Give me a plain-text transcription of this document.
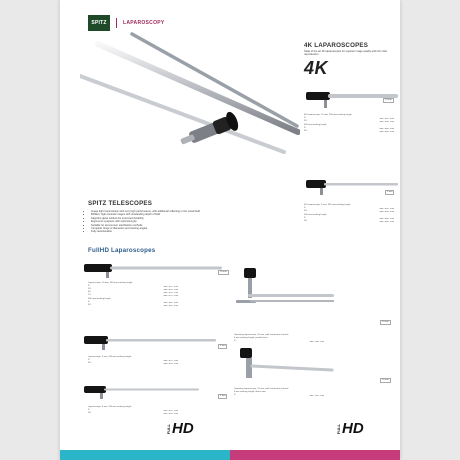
SPITZ	LAPAROSCOPY
4K LAPAROSCOPES
State of the art 4K laparoscopes for superior image quality and rich color reproduction.
4K
10 mm
4K Laparoscope, 10 mm, 330 mm working length
0°	008.010.400
30°	008.030.400
450 mm working length
0°	008.050.400
30°	008.060.400
5 mm
4K Laparoscope, 5 mm, 330 mm working length
0°	005.010.400
30°	005.030.400
450 mm working length
0°	005.050.400
30°	005.060.400
SPITZ TELESCOPES
• Image light transmission with very high performance, with additional reflecting in the visual field
• Brilliant, high-contrast images with outstanding depth of field
• Sapphire glass window for improved durability
• Ergonomic eyepiece with optimized grip
• Suitable for all common sterilization methods
• Complete range of diameters and viewing angles
• Fully autoclavable
FullHD Laparoscopes
10 mm
Laparoscope, 10 mm, 330 mm working length
0°	008.011.100
30°	008.031.100
45°	008.041.100
70°	008.071.100
450 mm working length
0°	008.051.100
30°	008.061.100
5 mm
Laparoscope, 5 mm, 330 mm working length
0°	005.011.100
30°	005.031.100
3 mm
Laparoscope, 3 mm, 250 mm working length
0°	003.011.100
30°	003.031.100
10 mm
Operating laparoscope, 10 mm, with instrument channel
6 mm working length, parallel view
0°	008.100.100
10 mm
Operating laparoscope, 10 mm, with instrument channel
6 mm working length, direct view
0°	008.101.100
FULL HD	FULL HD
